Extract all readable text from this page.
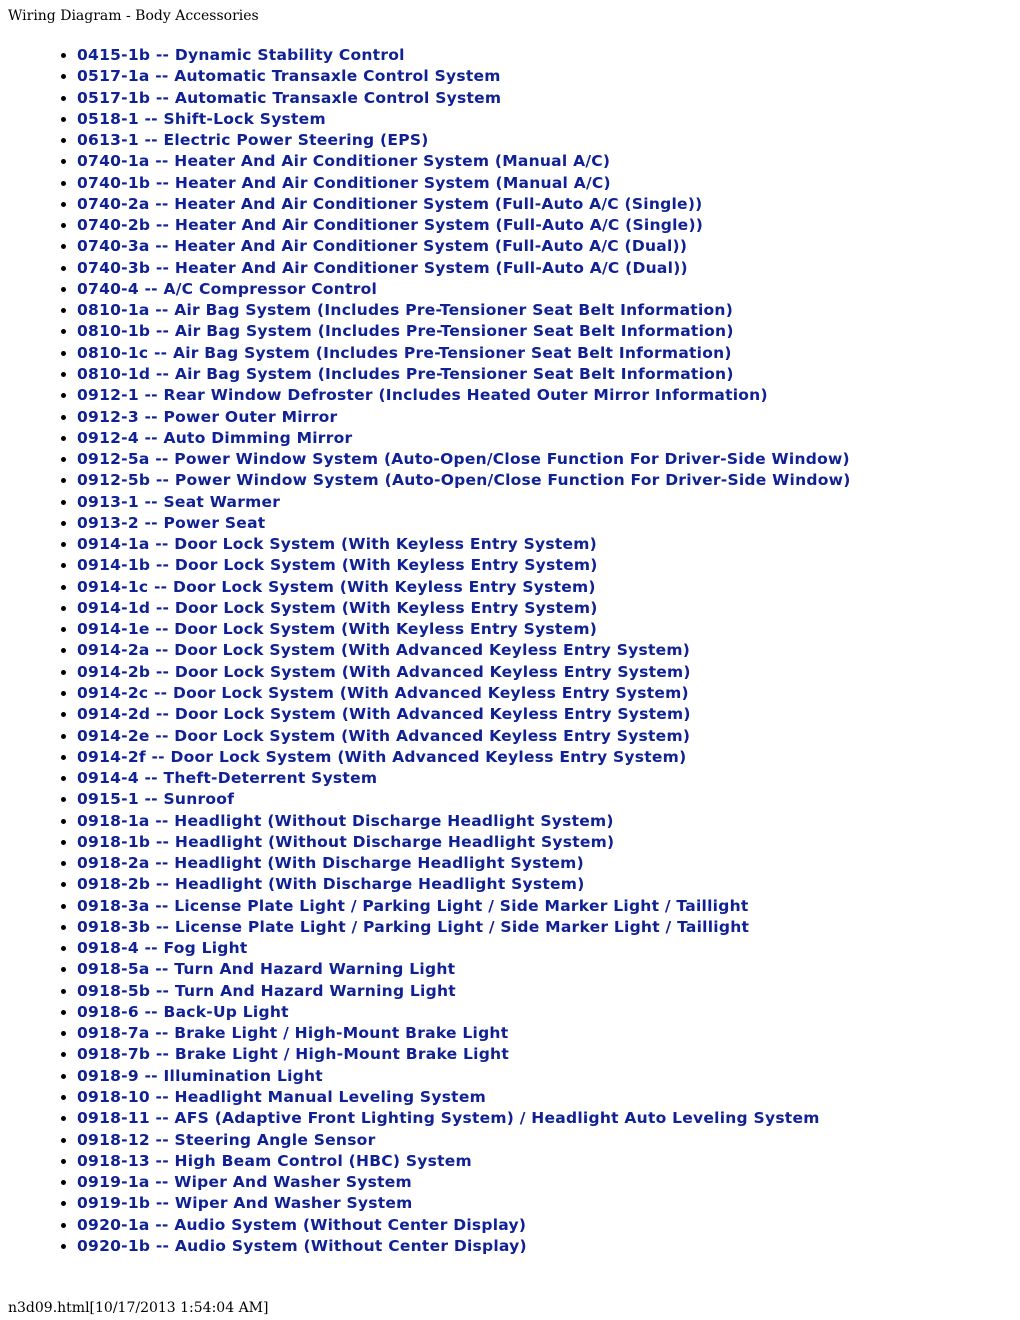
Wiring Diagram - Body Accessories
• 0415-1b -- Dynamic Stability Control
• 0517-1a -- Automatic Transaxle Control System
• 0517-1b -- Automatic Transaxle Control System
• 0518-1 -- Shift-Lock System
• 0613-1 -- Electric Power Steering (EPS)
• 0740-1a -- Heater And Air Conditioner System (Manual A/C)
• 0740-1b -- Heater And Air Conditioner System (Manual A/C)
• 0740-2a -- Heater And Air Conditioner System (Full-Auto A/C (Single))
• 0740-2b -- Heater And Air Conditioner System (Full-Auto A/C (Single))
• 0740-3a -- Heater And Air Conditioner System (Full-Auto A/C (Dual))
• 0740-3b -- Heater And Air Conditioner System (Full-Auto A/C (Dual))
• 0740-4 -- A/C Compressor Control
• 0810-1a -- Air Bag System (Includes Pre-Tensioner Seat Belt Information)
• 0810-1b -- Air Bag System (Includes Pre-Tensioner Seat Belt Information)
• 0810-1c -- Air Bag System (Includes Pre-Tensioner Seat Belt Information)
• 0810-1d -- Air Bag System (Includes Pre-Tensioner Seat Belt Information)
• 0912-1 -- Rear Window Defroster (Includes Heated Outer Mirror Information)
• 0912-3 -- Power Outer Mirror
• 0912-4 -- Auto Dimming Mirror
• 0912-5a -- Power Window System (Auto-Open/Close Function For Driver-Side Window)
• 0912-5b -- Power Window System (Auto-Open/Close Function For Driver-Side Window)
• 0913-1 -- Seat Warmer
• 0913-2 -- Power Seat
• 0914-1a -- Door Lock System (With Keyless Entry System)
• 0914-1b -- Door Lock System (With Keyless Entry System)
• 0914-1c -- Door Lock System (With Keyless Entry System)
• 0914-1d -- Door Lock System (With Keyless Entry System)
• 0914-1e -- Door Lock System (With Keyless Entry System)
• 0914-2a -- Door Lock System (With Advanced Keyless Entry System)
• 0914-2b -- Door Lock System (With Advanced Keyless Entry System)
• 0914-2c -- Door Lock System (With Advanced Keyless Entry System)
• 0914-2d -- Door Lock System (With Advanced Keyless Entry System)
• 0914-2e -- Door Lock System (With Advanced Keyless Entry System)
• 0914-2f -- Door Lock System (With Advanced Keyless Entry System)
• 0914-4 -- Theft-Deterrent System
• 0915-1 -- Sunroof
• 0918-1a -- Headlight (Without Discharge Headlight System)
• 0918-1b -- Headlight (Without Discharge Headlight System)
• 0918-2a -- Headlight (With Discharge Headlight System)
• 0918-2b -- Headlight (With Discharge Headlight System)
• 0918-3a -- License Plate Light / Parking Light / Side Marker Light / Taillight
• 0918-3b -- License Plate Light / Parking Light / Side Marker Light / Taillight
• 0918-4 -- Fog Light
• 0918-5a -- Turn And Hazard Warning Light
• 0918-5b -- Turn And Hazard Warning Light
• 0918-6 -- Back-Up Light
• 0918-7a -- Brake Light / High-Mount Brake Light
• 0918-7b -- Brake Light / High-Mount Brake Light
• 0918-9 -- Illumination Light
• 0918-10 -- Headlight Manual Leveling System
• 0918-11 -- AFS (Adaptive Front Lighting System) / Headlight Auto Leveling System
• 0918-12 -- Steering Angle Sensor
• 0918-13 -- High Beam Control (HBC) System
• 0919-1a -- Wiper And Washer System
• 0919-1b -- Wiper And Washer System
• 0920-1a -- Audio System (Without Center Display)
• 0920-1b -- Audio System (Without Center Display)
n3d09.html[10/17/2013 1:54:04 AM]
